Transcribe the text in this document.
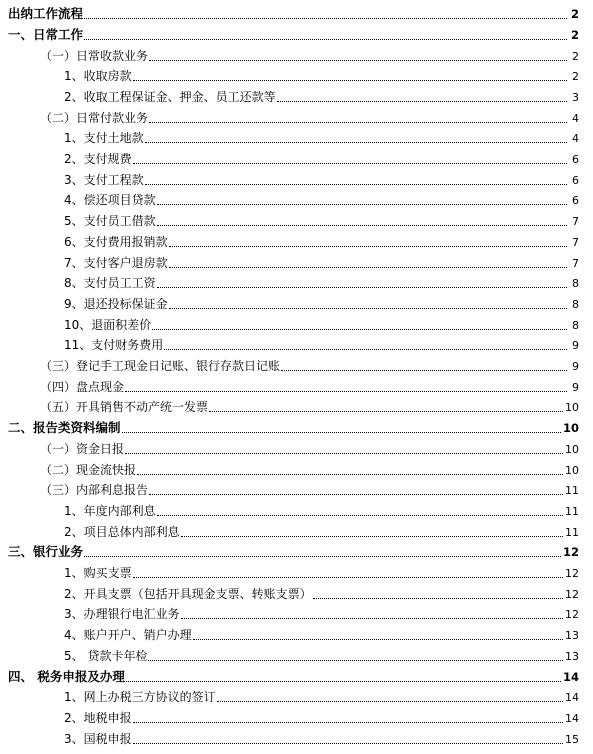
出纳工作流程	2
一、日常工作	2
（一）日常收款业务	2
1、收取房款	2
2、收取工程保证金、押金、员工还款等	3
（二）日常付款业务	4
1、支付土地款	4
2、支付规费	6
3、支付工程款	6
4、偿还项目贷款	6
5、支付员工借款	7
6、支付费用报销款	7
7、支付客户退房款	7
8、支付员工工资	8
9、退还投标保证金	8
10、退面积差价	8
11、支付财务费用	9
（三）登记手工现金日记账、银行存款日记账	9
（四）盘点现金	9
（五）开具销售不动产统一发票	10
二、报告类资料编制	10
（一）资金日报	10
（二）现金流快报	10
（三）内部利息报告	11
1、年度内部利息	11
2、项目总体内部利息	11
三、银行业务	12
1、购买支票	12
2、开具支票（包括开具现金支票、转账支票）	12
3、办理银行电汇业务	12
4、账户开户、销户办理	13
5、 贷款卡年检	13
四、 税务申报及办理	14
1、网上办税三方协议的签订	14
2、地税申报	14
3、国税申报	15
